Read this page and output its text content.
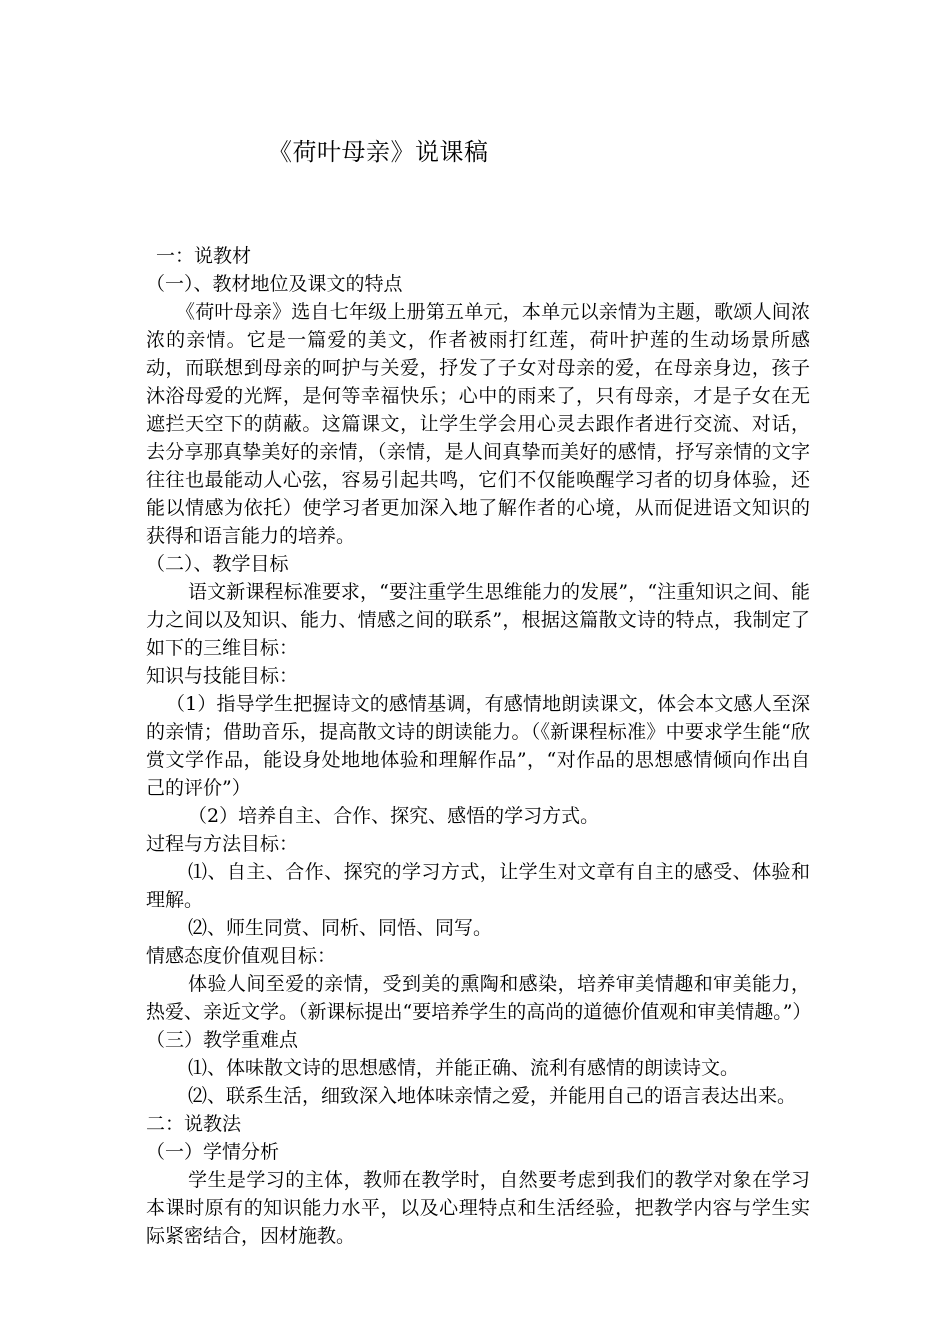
《荷叶母亲》说课稿

一：说教材

（一）、教材地位及课文的特点

《荷叶母亲》选自七年级上册第五单元，本单元以亲情为主题，歌颂人间浓浓的亲情。它是一篇爱的美文，作者被雨打红莲，荷叶护莲的生动场景所感动，而联想到母亲的呵护与关爱，抒发了子女对母亲的爱，在母亲身边，孩子沐浴母爱的光辉，是何等幸福快乐；心中的雨来了，只有母亲，才是子女在无遮拦天空下的荫蔽。这篇课文，让学生学会用心灵去跟作者进行交流、对话，去分享那真挚美好的亲情，（亲情，是人间真挚而美好的感情，抒写亲情的文字往往也最能动人心弦，容易引起共鸣，它们不仅能唤醒学习者的切身体验，还能以情感为依托）使学习者更加深入地了解作者的心境，从而促进语文知识的获得和语言能力的培养。

（二）、教学目标

语文新课程标准要求，“要注重学生思维能力的发展”，“注重知识之间、能力之间以及知识、能力、情感之间的联系”，根据这篇散文诗的特点，我制定了如下的三维目标：

知识与技能目标：

（1）指导学生把握诗文的感情基调，有感情地朗读课文，体会本文感人至深的亲情；借助音乐，提高散文诗的朗读能力。（《新课程标准》中要求学生能“欣赏文学作品，能设身处地地体验和理解作品”，“对作品的思想感情倾向作出自己的评价”）

（2）培养自主、合作、探究、感悟的学习方式。

过程与方法目标：

⑴、自主、合作、探究的学习方式，让学生对文章有自主的感受、体验和理解。

⑵、师生同赏、同析、同悟、同写。

情感态度价值观目标：

体验人间至爱的亲情，受到美的熏陶和感染，培养审美情趣和审美能力，热爱、亲近文学。（新课标提出“要培养学生的高尚的道德价值观和审美情趣。”）

（三）教学重难点

⑴、体味散文诗的思想感情，并能正确、流利有感情的朗读诗文。

⑵、联系生活，细致深入地体味亲情之爱，并能用自己的语言表达出来。

二：说教法

（一）学情分析

学生是学习的主体，教师在教学时，自然要考虑到我们的教学对象在学习本课时原有的知识能力水平，以及心理特点和生活经验，把教学内容与学生实际紧密结合，因材施教。
